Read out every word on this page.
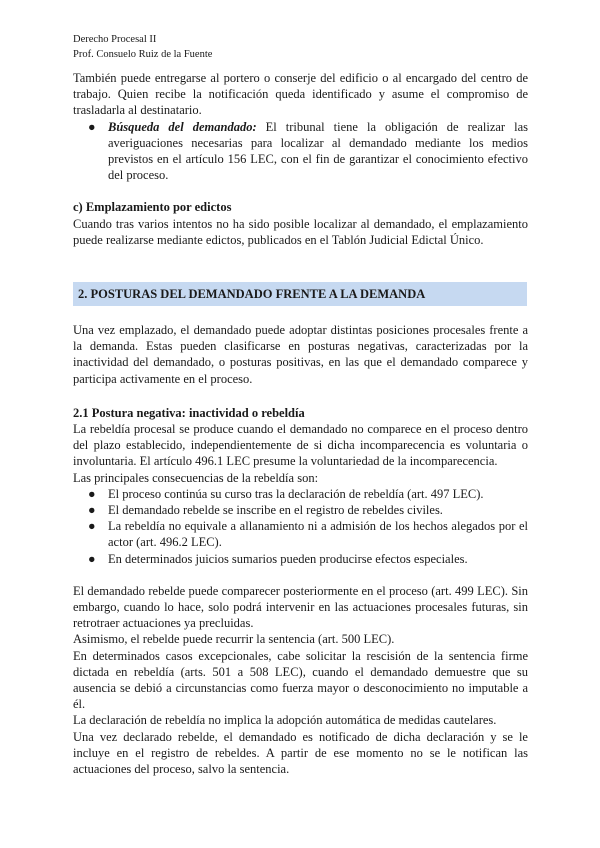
Derecho Procesal II
Prof. Consuelo Ruiz de la Fuente

También puede entregarse al portero o conserje del edificio o al encargado del centro de trabajo. Quien recibe la notificación queda identificado y asume el compromiso de trasladarla al destinatario.

● Búsqueda del demandado: El tribunal tiene la obligación de realizar las averiguaciones necesarias para localizar al demandado mediante los medios previstos en el artículo 156 LEC, con el fin de garantizar el conocimiento efectivo del proceso.

c) Emplazamiento por edictos

Cuando tras varios intentos no ha sido posible localizar al demandado, el emplazamiento puede realizarse mediante edictos, publicados en el Tablón Judicial Edictal Único.

2. POSTURAS DEL DEMANDADO FRENTE A LA DEMANDA

Una vez emplazado, el demandado puede adoptar distintas posiciones procesales frente a la demanda. Estas pueden clasificarse en posturas negativas, caracterizadas por la inactividad del demandado, o posturas positivas, en las que el demandado comparece y participa activamente en el proceso.

2.1 Postura negativa: inactividad o rebeldía

La rebeldía procesal se produce cuando el demandado no comparece en el proceso dentro del plazo establecido, independientemente de si dicha incomparecencia es voluntaria o involuntaria. El artículo 496.1 LEC presume la voluntariedad de la incomparecencia.

Las principales consecuencias de la rebeldía son:

● El proceso continúa su curso tras la declaración de rebeldía (art. 497 LEC).
● El demandado rebelde se inscribe en el registro de rebeldes civiles.
● La rebeldía no equivale a allanamiento ni a admisión de los hechos alegados por el actor (art. 496.2 LEC).
● En determinados juicios sumarios pueden producirse efectos especiales.

El demandado rebelde puede comparecer posteriormente en el proceso (art. 499 LEC). Sin embargo, cuando lo hace, solo podrá intervenir en las actuaciones procesales futuras, sin retrotraer actuaciones ya precluidas.

Asimismo, el rebelde puede recurrir la sentencia (art. 500 LEC).

En determinados casos excepcionales, cabe solicitar la rescisión de la sentencia firme dictada en rebeldía (arts. 501 a 508 LEC), cuando el demandado demuestre que su ausencia se debió a circunstancias como fuerza mayor o desconocimiento no imputable a él.

La declaración de rebeldía no implica la adopción automática de medidas cautelares.

Una vez declarado rebelde, el demandado es notificado de dicha declaración y se le incluye en el registro de rebeldes. A partir de ese momento no se le notifican las actuaciones del proceso, salvo la sentencia.
